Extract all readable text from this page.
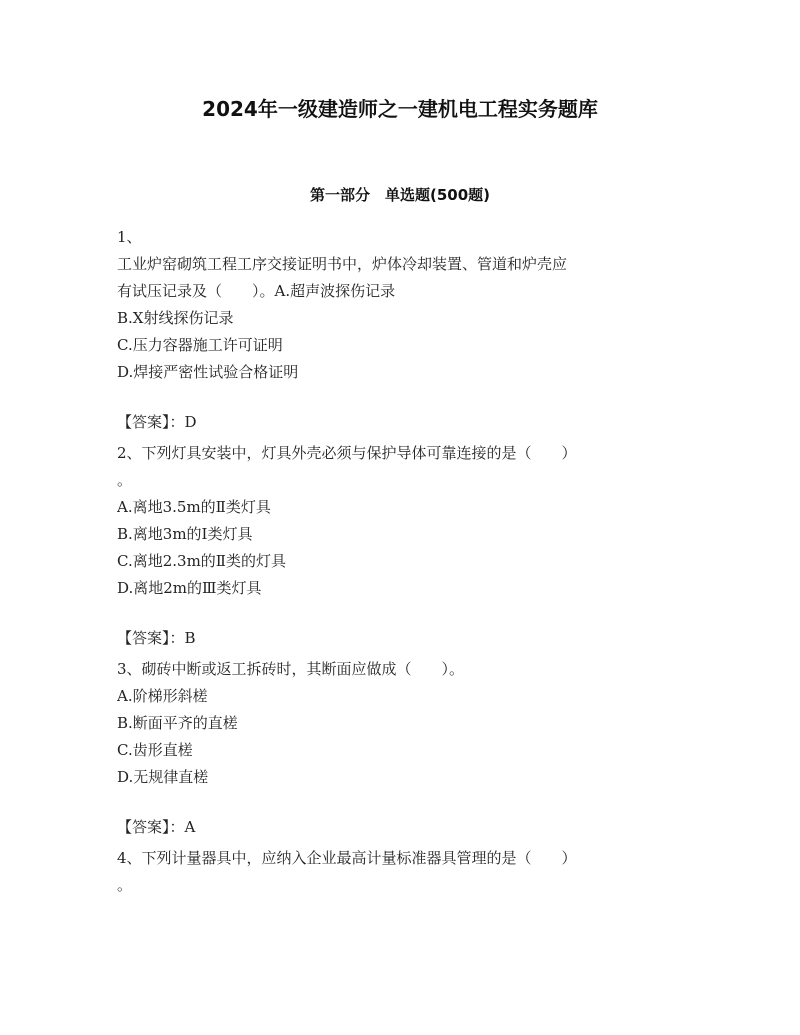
2024年一级建造师之一建机电工程实务题库
第一部分　单选题(500题)
1、
工业炉窑砌筑工程工序交接证明书中，炉体冷却装置、管道和炉壳应
有试压记录及（　　）。A.超声波探伤记录
B.X射线探伤记录
C.压力容器施工许可证明
D.焊接严密性试验合格证明
【答案】：D
2、下列灯具安装中，灯具外壳必须与保护导体可靠连接的是（　　）
。
A.离地3.5m的Ⅱ类灯具
B.离地3m的Ⅰ类灯具
C.离地2.3m的Ⅱ类的灯具
D.离地2m的Ⅲ类灯具
【答案】：B
3、砌砖中断或返工拆砖时，其断面应做成（　　）。
A.阶梯形斜槎
B.断面平齐的直槎
C.齿形直槎
D.无规律直槎
【答案】：A
4、下列计量器具中，应纳入企业最高计量标准器具管理的是（　　）
。
